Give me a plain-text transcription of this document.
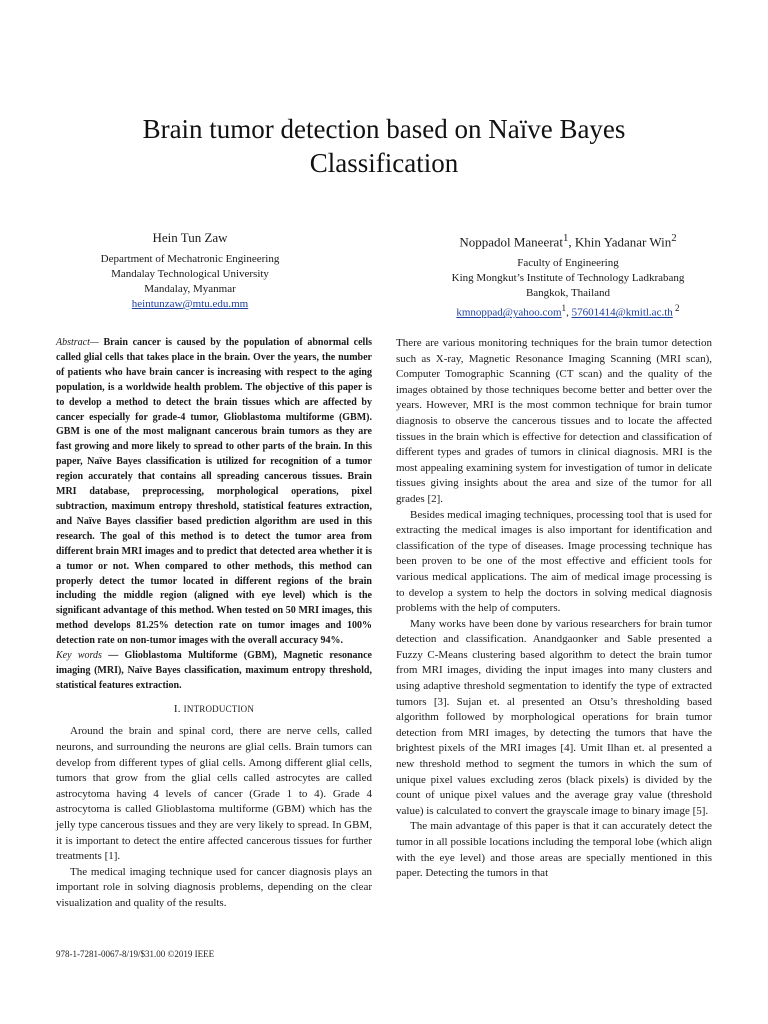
Brain tumor detection based on Naïve Bayes
Classification
Hein Tun Zaw
Department of Mechatronic Engineering
Mandalay Technological University
Mandalay, Myanmar
heintunzaw@mtu.edu.mm
Noppadol Maneerat$^1$, Khin Yadanar Win$^2$
Faculty of Engineering
King Mongkut’s Institute of Technology Ladkrabang
Bangkok, Thailand
kmnoppad@yahoo.com$^1$, 57601414@kmitl.ac.th $^2$

Abstract— Brain cancer is caused by the population of abnormal cells called glial cells that takes place in the brain. Over the years, the number of patients who have brain cancer is increasing with respect to the aging population, is a worldwide health problem. The objective of this paper is to develop a method to detect the brain tissues which are affected by cancer especially for grade-4 tumor, Glioblastoma multiforme (GBM). GBM is one of the most malignant cancerous brain tumors as they are fast growing and more likely to spread to other parts of the brain. In this paper, Naïve Bayes classification is utilized for recognition of a tumor region accurately that contains all spreading cancerous tissues. Brain MRI database, preprocessing, morphological operations, pixel subtraction, maximum entropy threshold, statistical features extraction, and Naïve Bayes classifier based prediction algorithm are used in this research. The goal of this method is to detect the tumor area from different brain MRI images and to predict that detected area whether it is a tumor or not. When compared to other methods, this method can properly detect the tumor located in different regions of the brain including the middle region (aligned with eye level) which is the significant advantage of this method. When tested on 50 MRI images, this method develops 81.25% detection rate on tumor images and 100% detection rate on non-tumor images with the overall accuracy 94%.

Key words — Glioblastoma Multiforme (GBM), Magnetic resonance imaging (MRI), Naïve Bayes classification, maximum entropy threshold, statistical features extraction.

I. INTRODUCTION

Around the brain and spinal cord, there are nerve cells, called neurons, and surrounding the neurons are glial cells. Brain tumors can develop from different types of glial cells. Among different glial cells, tumors that grow from the glial cells called astrocytes are called astrocytoma having 4 levels of cancer (Grade 1 to 4). Grade 4 astrocytoma is called Glioblastoma multiforme (GBM) which has the jelly type cancerous tissues and they are very likely to spread. In GBM, it is important to detect the entire affected cancerous tissues for further treatments [1].

The medical imaging technique used for cancer diagnosis plays an important role in solving diagnosis problems, depending on the clear visualization and quality of the results.

There are various monitoring techniques for the brain tumor detection such as X-ray, Magnetic Resonance Imaging Scanning (MRI scan), Computer Tomographic Scanning (CT scan) and the quality of the images obtained by those techniques become better and better over the years. However, MRI is the most common technique for brain tumor diagnosis to observe the cancerous tissues and to locate the affected tissues in the brain which is effective for detection and classification of different types and grades of tumors in clinical diagnosis. MRI is the most appealing examining system for investigation of tumor in delicate tissues giving insights about the area and size of the tumor for all grades [2].

Besides medical imaging techniques, processing tool that is used for extracting the medical images is also important for identification and classification of the type of diseases. Image processing technique has been proven to be one of the most effective and efficient tools for various medical applications. The aim of medical image processing is to develop a system to help the doctors in solving medical diagnosis problems with the help of computers.

Many works have been done by various researchers for brain tumor detection and classification. Anandgaonker and Sable presented a Fuzzy C-Means clustering based algorithm to detect the brain tumor from MRI images, dividing the input images into many clusters and using adaptive threshold segmentation to identify the type of extracted tumors [3]. Sujan et. al presented an Otsu’s thresholding based algorithm followed by morphological operations for brain tumor detection from MRI images, by detecting the tumors that have the brightest pixels of the MRI images [4]. Umit Ilhan et. al presented a new threshold method to segment the tumors in which the sum of unique pixel values excluding zeros (black pixels) is divided by the count of unique pixel values and the average gray value (threshold value) is calculated to convert the grayscale image to binary image [5].

The main advantage of this paper is that it can accurately detect the tumor in all possible locations including the temporal lobe (which align with the eye level) and those areas are specially mentioned in this paper. Detecting the tumors in that

978-1-7281-0067-8/19/$31.00 ©2019 IEEE
